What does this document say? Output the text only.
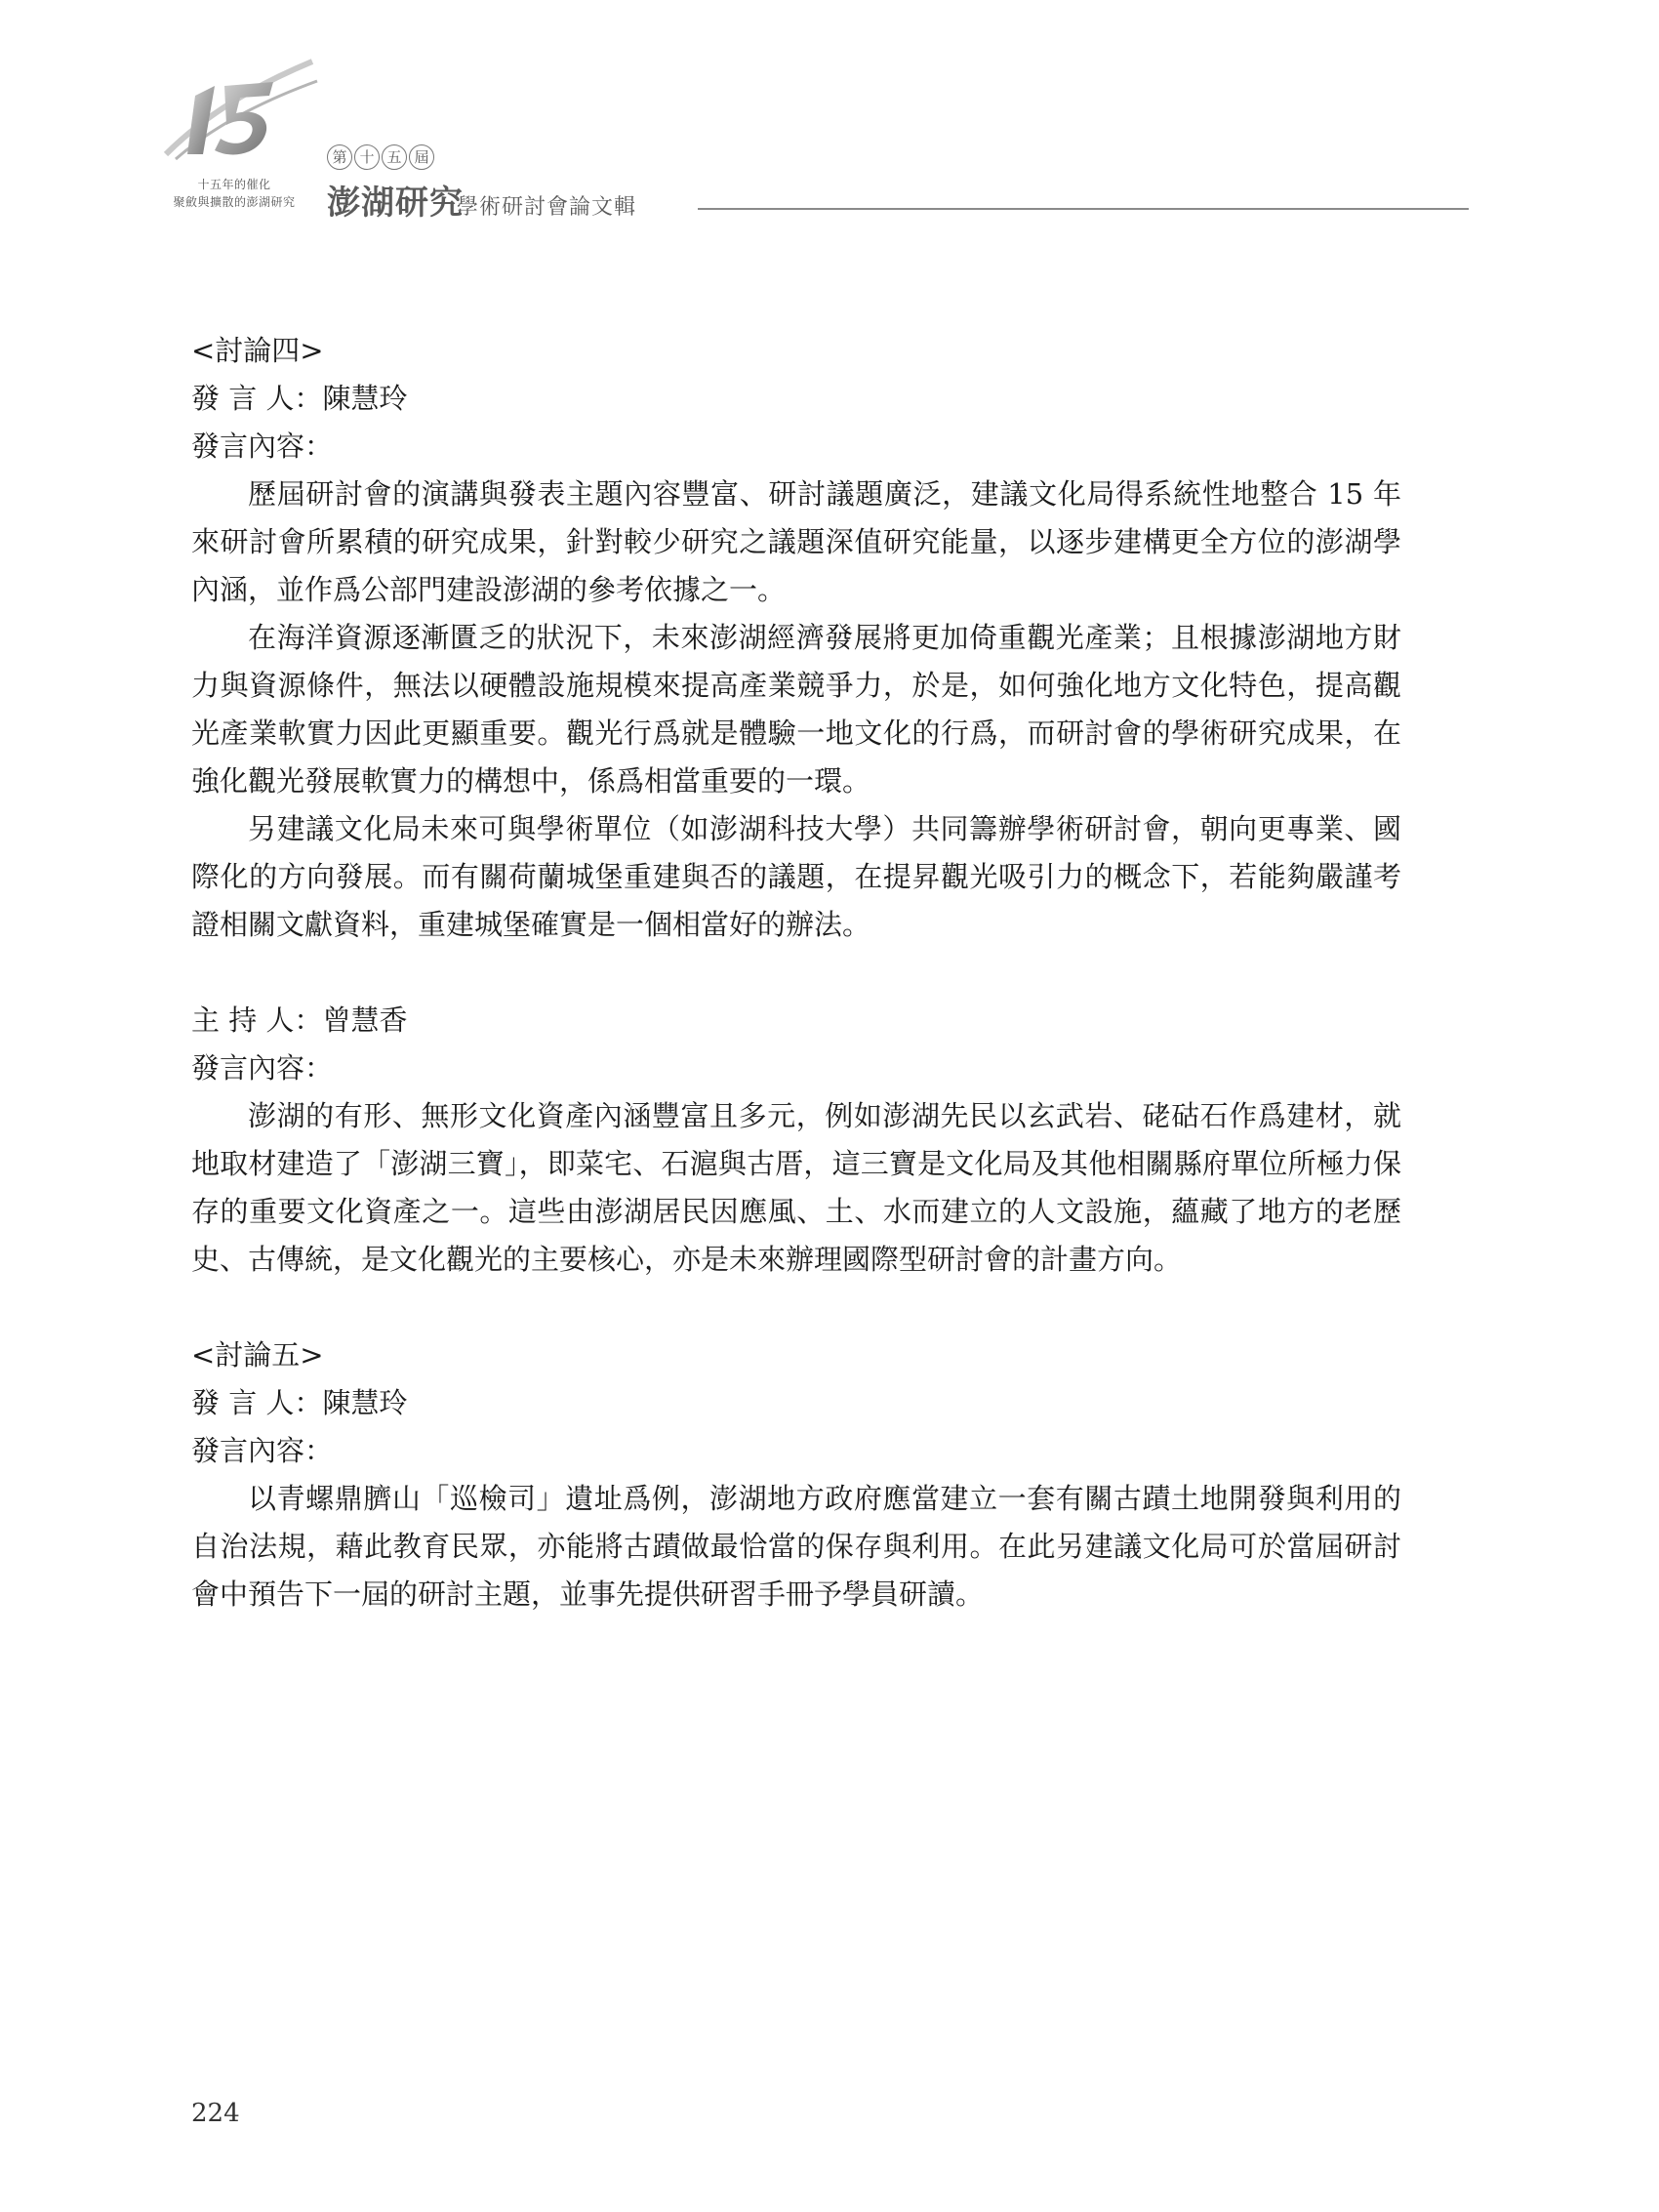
十五年的催化
聚斂與擴散的澎湖研究
第 十 五 屆
澎湖研究
學術研討會論文輯
<討論四>
發 言 人：陳慧玲
發言內容：

歷屆研討會的演講與發表主題內容豐富、研討議題廣泛，建議文化局得系統性地整合 15 年來研討會所累積的研究成果，針對較少研究之議題深值研究能量，以逐步建構更全方位的澎湖學內涵，並作爲公部門建設澎湖的參考依據之一。

在海洋資源逐漸匱乏的狀況下，未來澎湖經濟發展將更加倚重觀光產業；且根據澎湖地方財力與資源條件，無法以硬體設施規模來提高產業競爭力，於是，如何強化地方文化特色，提高觀光產業軟實力因此更顯重要。觀光行爲就是體驗一地文化的行爲，而研討會的學術研究成果，在強化觀光發展軟實力的構想中，係爲相當重要的一環。

另建議文化局未來可與學術單位（如澎湖科技大學）共同籌辦學術研討會，朝向更專業、國際化的方向發展。而有關荷蘭城堡重建與否的議題，在提昇觀光吸引力的概念下，若能夠嚴謹考證相關文獻資料，重建城堡確實是一個相當好的辦法。

主 持 人：曾慧香
發言內容：

澎湖的有形、無形文化資產內涵豐富且多元，例如澎湖先民以玄武岩、硓𥑮石作爲建材，就地取材建造了「澎湖三寶」，即菜宅、石滬與古厝，這三寶是文化局及其他相關縣府單位所極力保存的重要文化資產之一。這些由澎湖居民因應風、土、水而建立的人文設施，蘊藏了地方的老歷史、古傳統，是文化觀光的主要核心，亦是未來辦理國際型研討會的計畫方向。

<討論五>
發 言 人：陳慧玲
發言內容：

以青螺鼎臍山「巡檢司」遺址爲例，澎湖地方政府應當建立一套有關古蹟土地開發與利用的自治法規，藉此教育民眾，亦能將古蹟做最恰當的保存與利用。在此另建議文化局可於當屆研討會中預告下一屆的研討主題，並事先提供研習手冊予學員研讀。

224
